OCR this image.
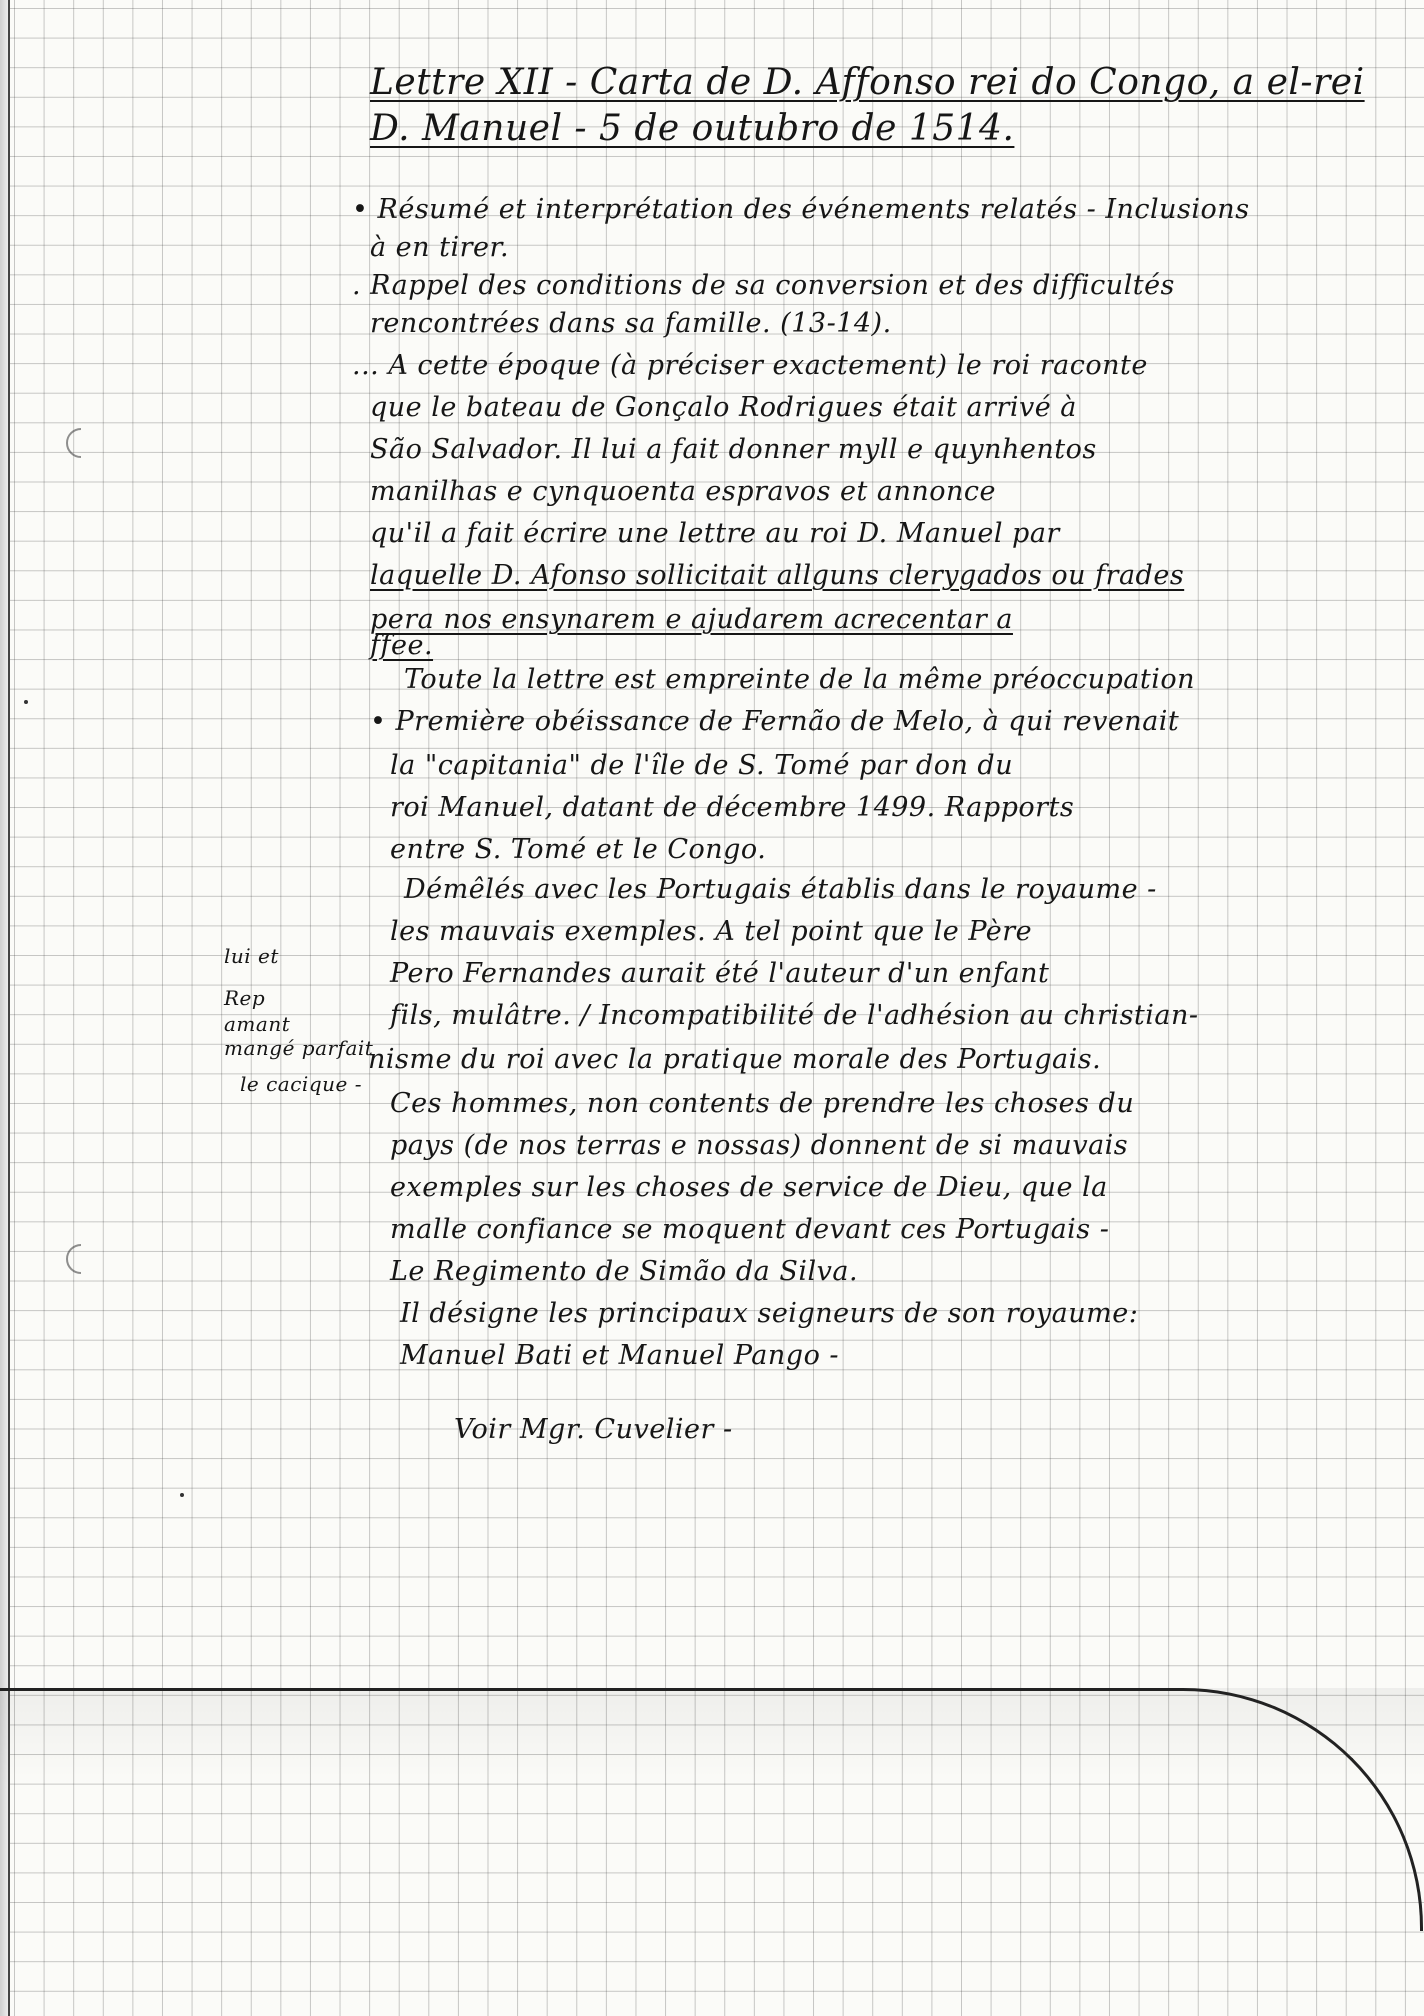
Lettre XII - Carta de D. Affonso rei do Congo, a el-rei
D. Manuel - 5 de outubro de 1514.
• Résumé et interprétation des événements relatés - Inclusions
à en tirer.
. Rappel des conditions de sa conversion et des difficultés
rencontrées dans sa famille. (13-14).
... A cette époque (à préciser exactement) le roi raconte
que le bateau de Gonçalo Rodrigues était arrivé à
São Salvador. Il lui a fait donner myll e quynhentos
manilhas e cynquoenta espravos et annonce
qu'il a fait écrire une lettre au roi D. Manuel par
laquelle D. Afonso sollicitait allguns clerygados ou frades
pera nos ensynarem e ajudarem acrecentar a
ffee.
Toute la lettre est empreinte de la même préoccupation
• Première obéissance de Fernão de Melo, à qui revenait
la "capitania" de l'île de S. Tomé par don du
roi Manuel, datant de décembre 1499. Rapports
entre S. Tomé et le Congo.
Démêlés avec les Portugais établis dans le royaume -
les mauvais exemples. A tel point que le Père
Pero Fernandes aurait été l'auteur d'un enfant
fils, mulâtre. / Incompatibilité de l'adhésion au christian-
nisme du roi avec la pratique morale des Portugais.
Ces hommes, non contents de prendre les choses du
pays (de nos terras e nossas) donnent de si mauvais
exemples sur les choses de service de Dieu, que la
malle confiance se moquent devant ces Portugais -
Le Regimento de Simão da Silva.
Il désigne les principaux seigneurs de son royaume:
Manuel Bati et Manuel Pango -
Voir Mgr. Cuvelier -
lui et
Rep
amant
mangé parfait
le cacique -
